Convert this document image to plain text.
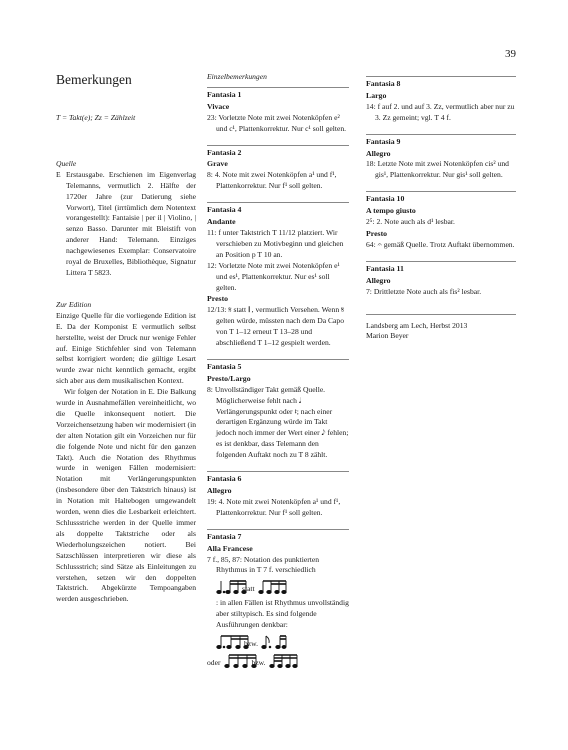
39
Bemerkungen
T = Takt(e); Zz = Zählzeit
Quelle
E Erstausgabe. Erschienen im Eigenverlag Telemanns, vermutlich 2. Hälfte der 1720er Jahre (zur Datierung siehe Vorwort), Titel (irrtümlich dem Notentext vorangestellt): Fantaisie | per il | Violino, | senzo Basso. Darunter mit Bleistift von anderer Hand: Telemann. Einziges nachgewiesenes Exemplar: Conservatoire royal de Bruxelles, Bibliothèque, Signatur Littera T 5823.
Zur Edition

Einzige Quelle für die vorliegende Edition ist E. Da der Komponist E vermutlich selbst herstellte, weist der Druck nur wenige Fehler auf. Einige Stichfehler sind von Telemann selbst korrigiert worden; die gültige Lesart wurde zwar nicht kenntlich gemacht, ergibt sich aber aus dem musikalischen Kontext.

Wir folgen der Notation in E. Die Balkung wurde in Ausnahmefällen vereinheitlicht, wo die Quelle inkonsequent notiert. Die Vorzeichensetzung haben wir modernisiert (in der alten Notation gilt ein Vorzeichen nur für die folgende Note und nicht für den ganzen Takt). Auch die Notation des Rhythmus wurde in wenigen Fällen modernisiert: Notation mit Verlängerungspunkten (insbesondere über den Taktstrich hinaus) ist in Notation mit Haltebogen umgewandelt worden, wenn dies die Lesbarkeit erleichtert. Schlussstriche werden in der Quelle immer als doppelte Taktstriche oder als Wiederholungszeichen notiert. Bei Satzschlüssen interpretieren wir diese als Schlussstrich; sind Sätze als Einleitungen zu verstehen, setzen wir den doppelten Taktstrich. Abgekürzte Tempoangaben werden ausgeschrieben.

Einzelbemerkungen
Fantasia 1
Vivace
23: Vorletzte Note mit zwei Notenköpfen e² und c¹, Plattenkorrektur. Nur c¹ soll gelten.
Fantasia 2
Grave
8: 4. Note mit zwei Notenköpfen a¹ und f¹, Plattenkorrektur. Nur f¹ soll gelten.
Fantasia 4
Andante
11: f unter Taktstrich T 11/12 platziert. Wir verschieben zu Motivbeginn und gleichen an Position p T 10 an.
12: Vorletzte Note mit zwei Notenköpfen e¹ und es¹, Plattenkorrektur. Nur es¹ soll gelten.
Presto
12/13: 𝄋 statt 𝄂 , vermutlich Versehen. Wenn 𝄋 gelten würde, müssten nach dem Da Capo von T 1–12 erneut T 13–28 und abschließend T 1–12 gespielt werden.
Fantasia 5
Presto/Largo
8: Unvollständiger Takt gemäß Quelle. Möglicherweise fehlt nach 𝅘𝅥 Verlängerungspunkt oder 𝄽; nach einer derartigen Ergänzung würde im Takt jedoch noch immer der Wert einer 𝅘𝅥𝅮 fehlen; es ist denkbar, dass Telemann den folgenden Auftakt noch zu T 8 zählt.
Fantasia 6
Allegro
19: 4. Note mit zwei Notenköpfen a¹ und f¹, Plattenkorrektur. Nur f¹ soll gelten.
Fantasia 7
Alla Francese
7 f., 85, 87: Notation des punktierten Rhythmus in T 7 f. verschiedlich
statt
: in allen Fällen ist Rhythmus unvollständig aber stiltypisch. Es sind folgende Ausführungen denkbar:
bzw.
oder	bzw.
Fantasia 8
Largo
14: f auf 2. und auf 3. Zz, vermutlich aber nur zu 3. Zz gemeint; vgl. T 4 f.
Fantasia 9
Allegro
18: Letzte Note mit zwei Notenköpfen cis² und gis¹, Plattenkorrektur. Nur gis¹ soll gelten.
Fantasia 10
A tempo giusto
2⁵: 2. Note auch als d¹ lesbar.
Presto
64: 𝄐 gemäß Quelle. Trotz Auftakt übernommen.
Fantasia 11
Allegro
7: Drittletzte Note auch als fis² lesbar.
Landsberg am Lech, Herbst 2013
Marion Beyer
